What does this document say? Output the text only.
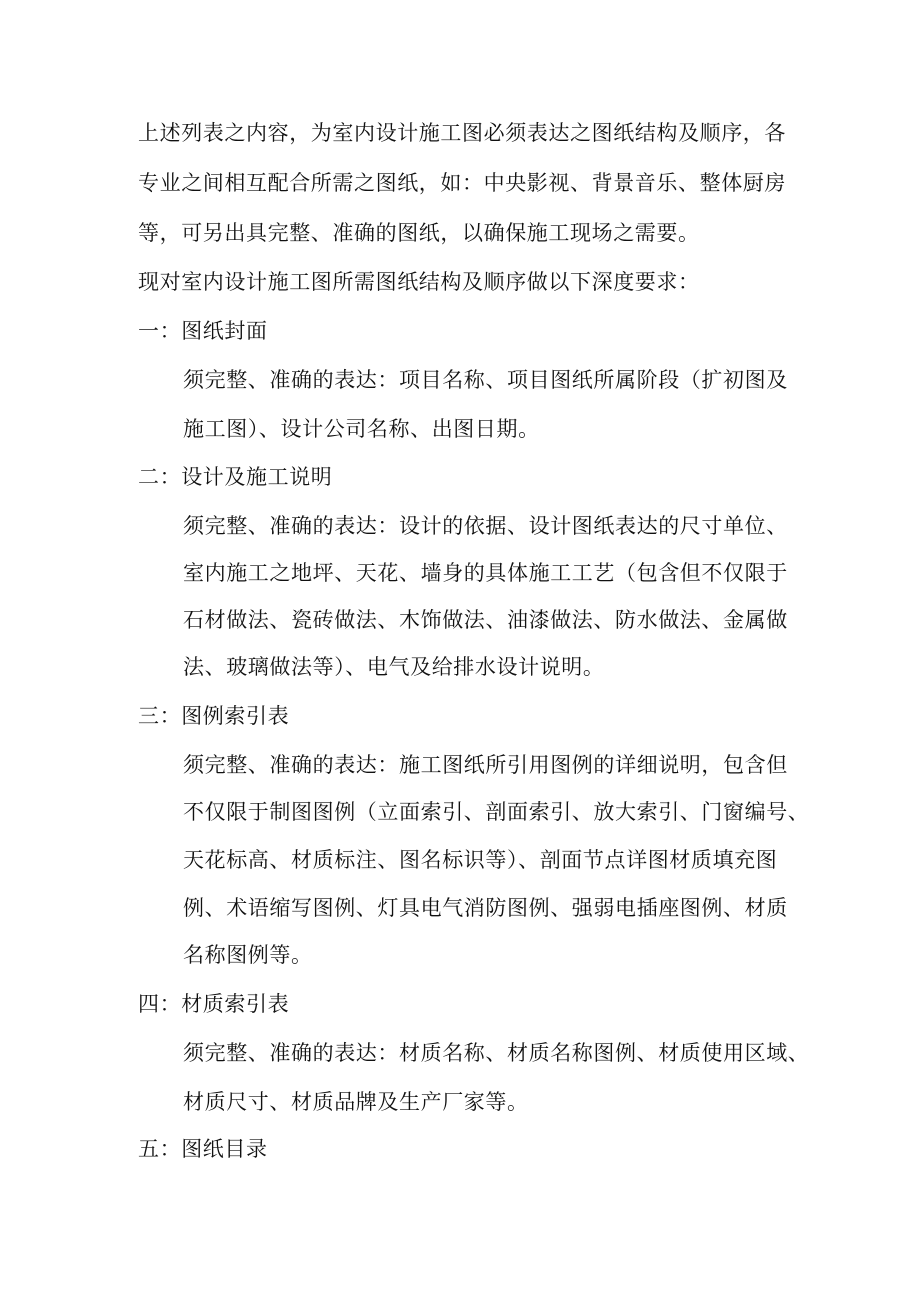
上述列表之内容，为室内设计施工图必须表达之图纸结构及顺序，各
专业之间相互配合所需之图纸，如：中央影视、背景音乐、整体厨房
等，可另出具完整、准确的图纸，以确保施工现场之需要。
现对室内设计施工图所需图纸结构及顺序做以下深度要求：
一：图纸封面
须完整、准确的表达：项目名称、项目图纸所属阶段（扩初图及
施工图）、设计公司名称、出图日期。
二：设计及施工说明
须完整、准确的表达：设计的依据、设计图纸表达的尺寸单位、
室内施工之地坪、天花、墙身的具体施工工艺（包含但不仅限于
石材做法、瓷砖做法、木饰做法、油漆做法、防水做法、金属做
法、玻璃做法等）、电气及给排水设计说明。
三：图例索引表
须完整、准确的表达：施工图纸所引用图例的详细说明，包含但
不仅限于制图图例（立面索引、剖面索引、放大索引、门窗编号、
天花标高、材质标注、图名标识等）、剖面节点详图材质填充图
例、术语缩写图例、灯具电气消防图例、强弱电插座图例、材质
名称图例等。
四：材质索引表
须完整、准确的表达：材质名称、材质名称图例、材质使用区域、
材质尺寸、材质品牌及生产厂家等。
五：图纸目录
